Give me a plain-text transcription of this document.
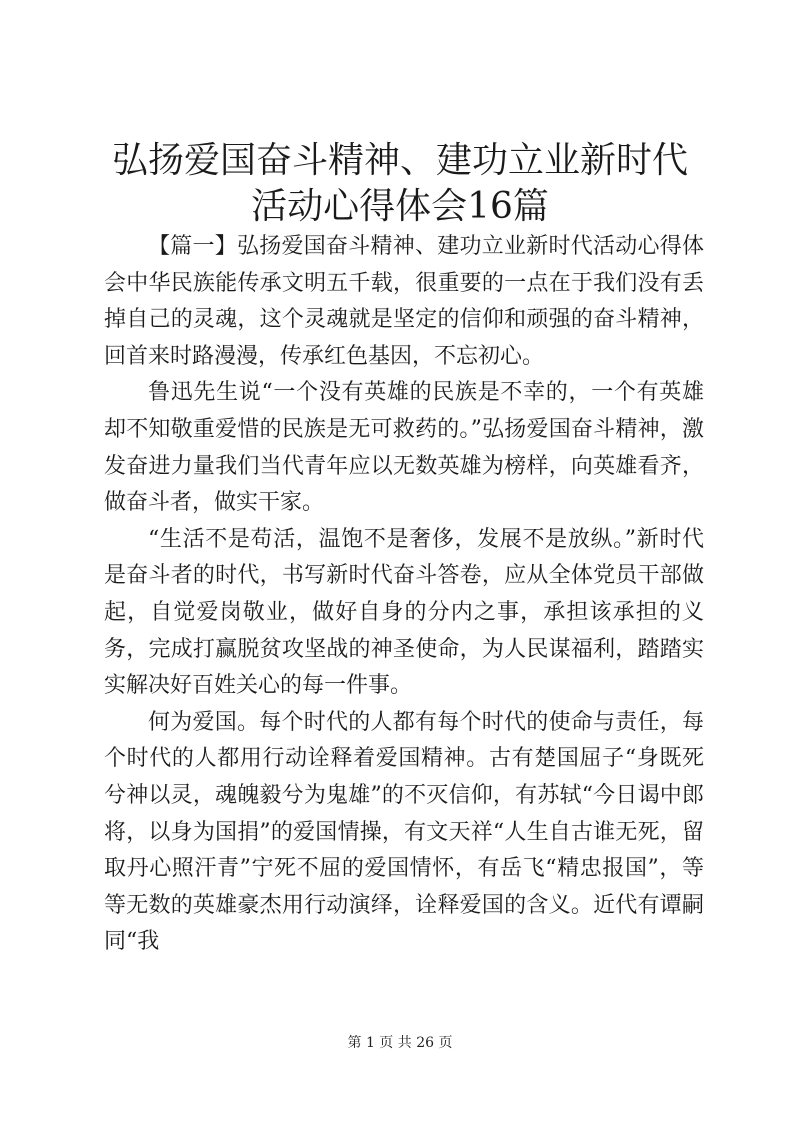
弘扬爱国奋斗精神、建功立业新时代活动心得体会16篇

【篇一】弘扬爱国奋斗精神、建功立业新时代活动心得体会中华民族能传承文明五千载，很重要的一点在于我们没有丢掉自己的灵魂，这个灵魂就是坚定的信仰和顽强的奋斗精神，回首来时路漫漫，传承红色基因，不忘初心。

鲁迅先生说“一个没有英雄的民族是不幸的，一个有英雄却不知敬重爱惜的民族是无可救药的。”弘扬爱国奋斗精神，激发奋进力量我们当代青年应以无数英雄为榜样，向英雄看齐，做奋斗者，做实干家。

“生活不是苟活，温饱不是奢侈，发展不是放纵。”新时代是奋斗者的时代，书写新时代奋斗答卷，应从全体党员干部做起，自觉爱岗敬业，做好自身的分内之事，承担该承担的义务，完成打赢脱贫攻坚战的神圣使命，为人民谋福利，踏踏实实解决好百姓关心的每一件事。

何为爱国。每个时代的人都有每个时代的使命与责任，每个时代的人都用行动诠释着爱国精神。古有楚国屈子“身既死兮神以灵，魂魄毅兮为鬼雄”的不灭信仰，有苏轼“今日谒中郎将，以身为国捐”的爱国情操，有文天祥“人生自古谁无死，留取丹心照汗青”宁死不屈的爱国情怀，有岳飞“精忠报国”，等等无数的英雄豪杰用行动演绎，诠释爱国的含义。近代有谭嗣同“我

第 1 页 共 26 页
